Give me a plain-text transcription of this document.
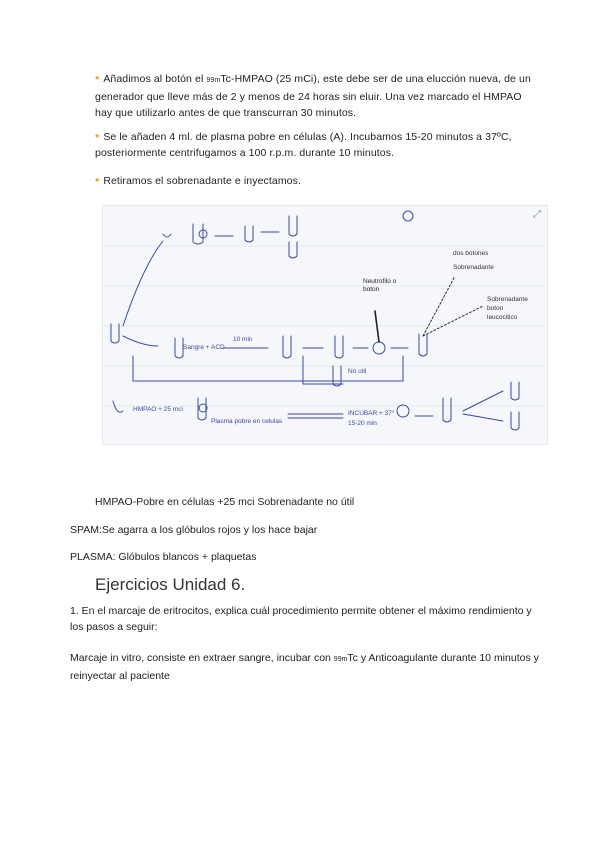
• Añadimos al botón el 99mTc-HMPAO (25 mCi), este debe ser de una elucción nueva, de un generador que lleve más de 2 y menos de 24 horas sin eluir. Una vez marcado el HMPAO hay que utilizarlo antes de que transcurran 30 minutos.
• Se le añaden 4 ml. de plasma pobre en células (A). Incubamos 15-20 minutos a 37ºC, posteriormente centrifugamos a 100 r.p.m. durante 10 minutos.
• Retiramos el sobrenadante e inyectamos.
⤢
dos botones
Sobrenadante
Sobrenadante
boton
leucocitico
Neutrofilo o
boton
HMPAO + 25 mci
INCUBAR + 37°
15-20 min
Sangre + ACD
10 min
No util
Plasma pobre en celulas
HMPAO-Pobre en células +25 mci Sobrenadante no útil
SPAM:Se agarra a los glóbulos rojos y los hace bajar
PLASMA: Glóbulos blancos + plaquetas
Ejercicios Unidad 6.
1. En el marcaje de eritrocitos, explica cuál procedimiento permite obtener el máximo rendimiento y los pasos a seguir:
Marcaje in vitro, consiste en extraer sangre, incubar con 99mTc y Anticoagulante durante 10 minutos y reinyectar al paciente
